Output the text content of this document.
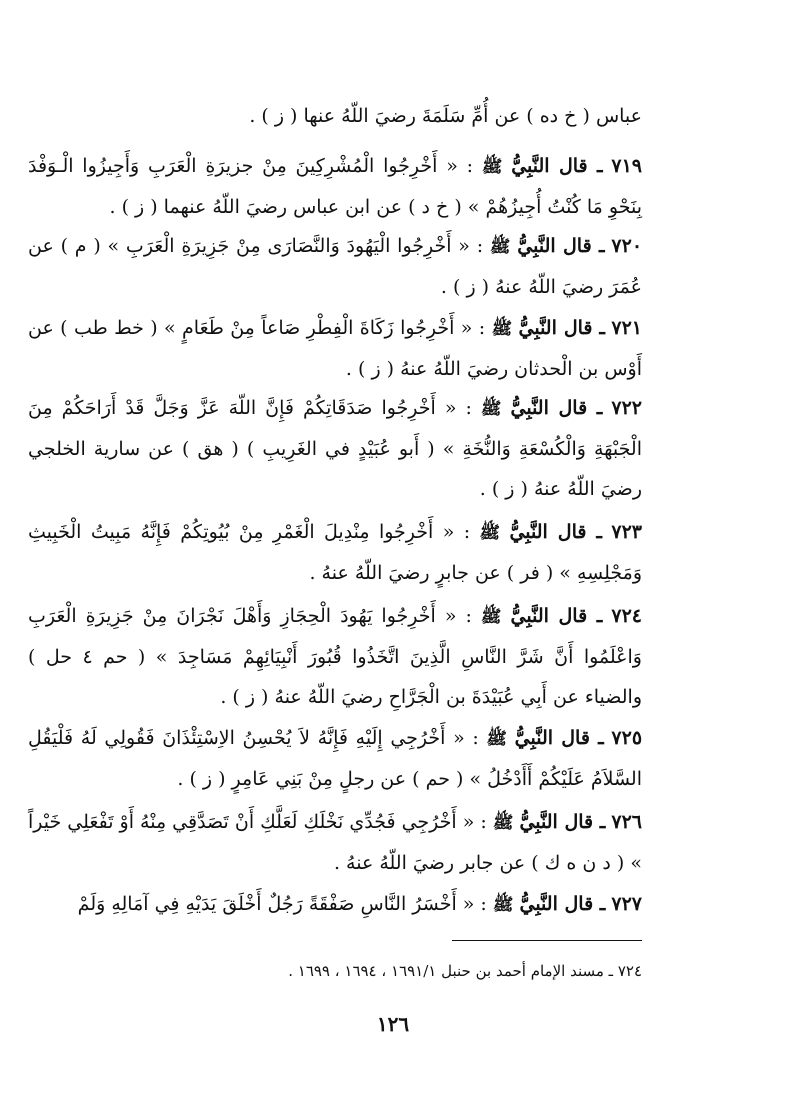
عباس ( خ ده ) عن أُمِّ سَلَمَةَ رضيَ اللّهُ عنها ( ز ) .

٧١٩ ـ قال النَّبِيُّ ﷺ : « أَخْرِجُوا الْمُشْرِكِينَ مِنْ جزيرَةِ الْعَرَبِ وَأَجِيزُوا الْـوَفْدَ بِنَحْوِ مَا كُنْتُ أُجِيزُهُمْ » ( خ د ) عن ابن عباس رضيَ اللّهُ عنهما ( ز ) .

٧٢٠ ـ قال النَّبِيُّ ﷺ : « أَخْرِجُوا الْيَهُودَ وَالنَّصَارَى مِنْ جَزِيرَةِ الْعَرَبِ » ( م ) عن عُمَرَ رضيَ اللّهُ عنهُ ( ز ) .

٧٢١ ـ قال النَّبِيُّ ﷺ : « أَخْرِجُوا زَكَاةَ الْفِطْرِ صَاعاً مِنْ طَعَامٍ » ( خط طب ) عن أَوْس بن الْحدثان رضيَ اللّهُ عنهُ ( ز ) .

٧٢٢ ـ قال النَّبِيُّ ﷺ : « أَخْرِجُوا صَدَقَاتِكُمْ فَإِنَّ اللّهَ عَزَّ وَجَلَّ قَدْ أَرَاحَكُمْ مِنَ الْجَبْهَةِ وَالْكُسْعَةِ وَالنُّخَةِ » ( أَبو عُبَيْدٍ في الغَرِيبِ ) ( هق ) عن سارية الخلجي رضيَ اللّهُ عنهُ ( ز ) .

٧٢٣ ـ قال النَّبِيُّ ﷺ : « أَخْرِجُوا مِنْدِيلَ الْغَمْرِ مِنْ بُيُوتِكُمْ فَإِنَّهُ مَبِيتُ الْخَبِيثِ وَمَجْلِسِهِ » ( فر ) عن جابرٍ رضيَ اللّهُ عنهُ .

٧٢٤ ـ قال النَّبِيُّ ﷺ : « أَخْرِجُوا يَهُودَ الْحِجَازِ وَأَهْلَ نَجْرَانَ مِنْ جَزِيرَةِ الْعَرَبِ وَاعْلَمُوا أَنَّ شَرَّ النَّاسِ الَّذِينَ اتَّخَذُوا قُبُورَ أَنْبِيَائِهِمْ مَسَاجِدَ » ( حم ٤ حل ) والضياء عن أَبِي عُبَيْدَةَ بن الْجَرَّاحِ رضيَ اللّهُ عنهُ ( ز ) .

٧٢٥ ـ قال النَّبِيُّ ﷺ : « أَخْرُجِي إِلَيْهِ فَإِنَّهُ لاَ يُحْسِنُ الاِسْتِئْذَانَ فَقُولِي لَهُ فَلْيَقُلِ السَّلاَمُ عَلَيْكُمْ أَأَدْخُلُ » ( حم ) عن رجلٍ مِنْ بَنِي عَامِرٍ ( ز ) .

٧٢٦ ـ قال النَّبِيُّ ﷺ : « أَخْرُجِي فَجُدِّي نَخْلَكِ لَعَلَّكِ أَنْ تَصَدَّقِي مِنْهُ أَوْ تَفْعَلِي خَيْراً » ( د ن ه ك ) عن جابر رضيَ اللّهُ عنهُ .

٧٢٧ ـ قال النَّبِيُّ ﷺ : « أَخْسَرُ النَّاسِ صَفْقَةً رَجُلٌ أَخْلَقَ يَدَيْهِ فِي آمَالِهِ وَلَمْ

٧٢٤ ـ مسند الإمام أحمد بن حنبل ١٦٩١/١ ، ١٦٩٤ ، ١٦٩٩ .
١٢٦
